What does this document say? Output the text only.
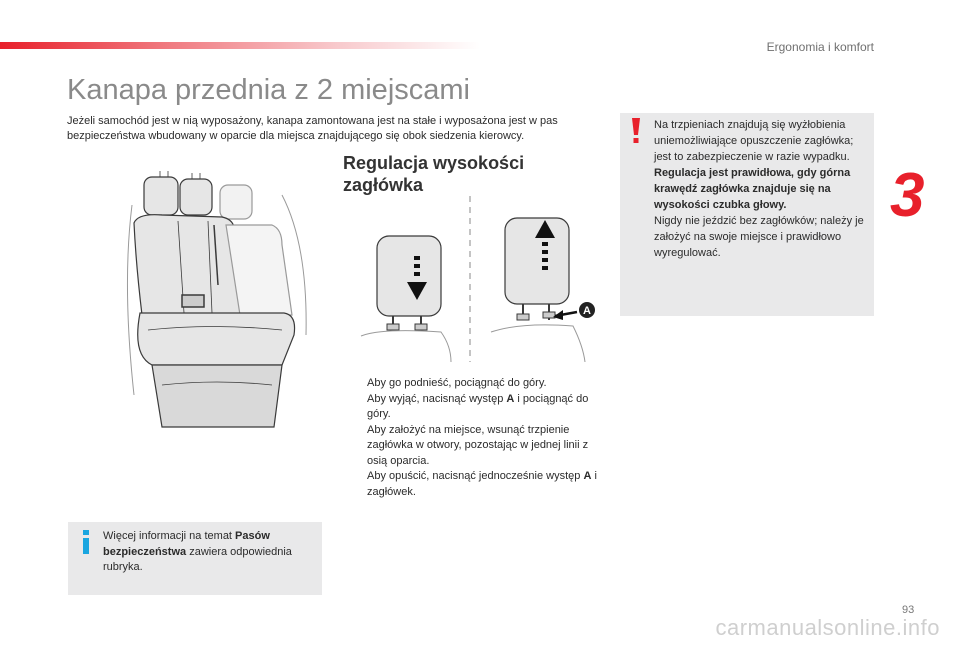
Ergonomia i komfort
3
Kanapa przednia z 2 miejscami

Jeżeli samochód jest w nią wyposażony, kanapa zamontowana jest na stałe i wyposażona jest w pas bezpieczeństwa wbudowany w oparcie dla miejsca znajdującego się obok siedzenia kierowcy.

Regulacja wysokości
zagłówka
A
Aby go podnieść, pociągnąć do góry.
Aby wyjąć, nacisnąć występ A i pociągnąć do góry.
Aby założyć na miejsce, wsunąć trzpienie zagłówka w otwory, pozostając w jednej linii z osią oparcia.
Aby opuścić, nacisnąć jednocześnie występ A i zagłówek.
Więcej informacji na temat Pasów bezpieczeństwa zawiera odpowiednia rubryka.
Na trzpieniach znajdują się wyżłobienia uniemożliwiające opuszczenie zagłówka; jest to zabezpieczenie w razie wypadku.
Regulacja jest prawidłowa, gdy górna krawędź zagłówka znajduje się na wysokości czubka głowy.
Nigdy nie jeździć bez zagłówków; należy je założyć na swoje miejsce i prawidłowo wyregulować.
93
carmanualsonline.info
